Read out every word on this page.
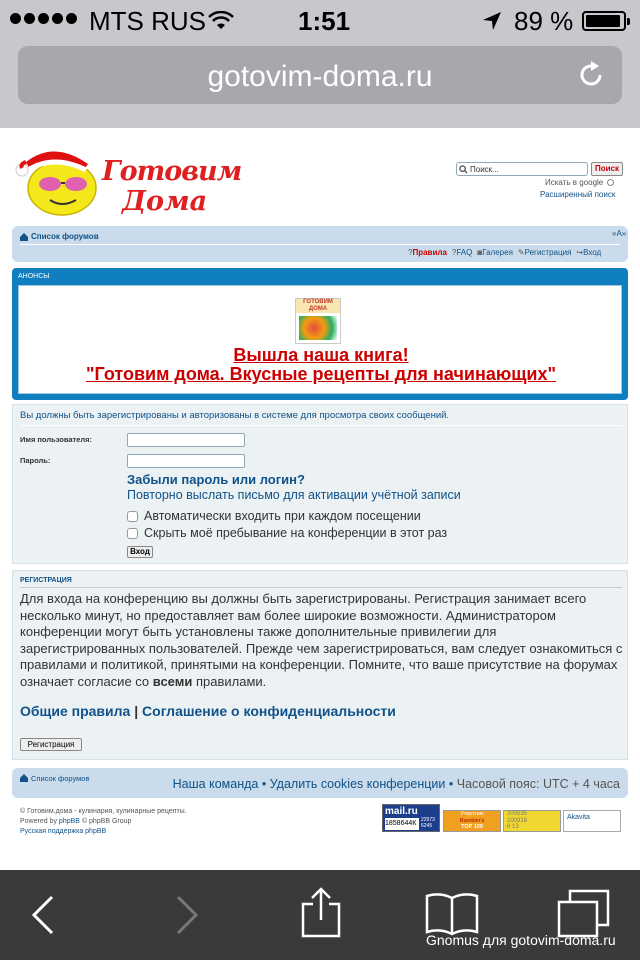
MTS RUS	1:51	89 %
gotovim-doma.ru
Готовим
Дома
Поиск...	Поиск
Искать в google
Расширенный поиск
Список форумов	«А»
?Правила ?FAQ ◙Галерея ✎Регистрация ↪Вход
АНОНСЫ
ГОТОВИМ ДОМА
Вышла наша книга!
"Готовим дома. Вкусные рецепты для начинающих"
Вы должны быть зарегистрированы и авторизованы в системе для просмотра своих сообщений.
Имя пользователя:
Пароль:
Забыли пароль или логин?
Повторно выслать письмо для активации учётной записи
Автоматически входить при каждом посещении
Скрыть моё пребывание на конференции в этот раз
Вход
РЕГИСТРАЦИЯ
Для входа на конференцию вы должны быть зарегистрированы. Регистрация занимает всего несколько минут, но предоставляет вам более широкие возможности. Администратором конференции могут быть установлены также дополнительные привилегии для зарегистрированных пользователей. Прежде чем зарегистрироваться, вам следует ознакомиться с правилами и политикой, принятыми на конференции. Помните, что ваше присутствие на форумах означает согласие со всеми правилами.
Общие правила | Соглашение о конфиденциальности
Регистрация
Список форумов	Наша команда • Удалить cookies конференции • Часовой пояс: UTC + 4 часа
© Готовим.дома - кулинария, кулинарные рецепты.
Powered by phpBB © phpBB Group
Русская поддержка phpBB
mail.ru
1858644К 22973
6245
Участник
Rambler's
TOP 100
200535
200918
6 13
Akavita
Gnomus для gotovim-doma.ru
